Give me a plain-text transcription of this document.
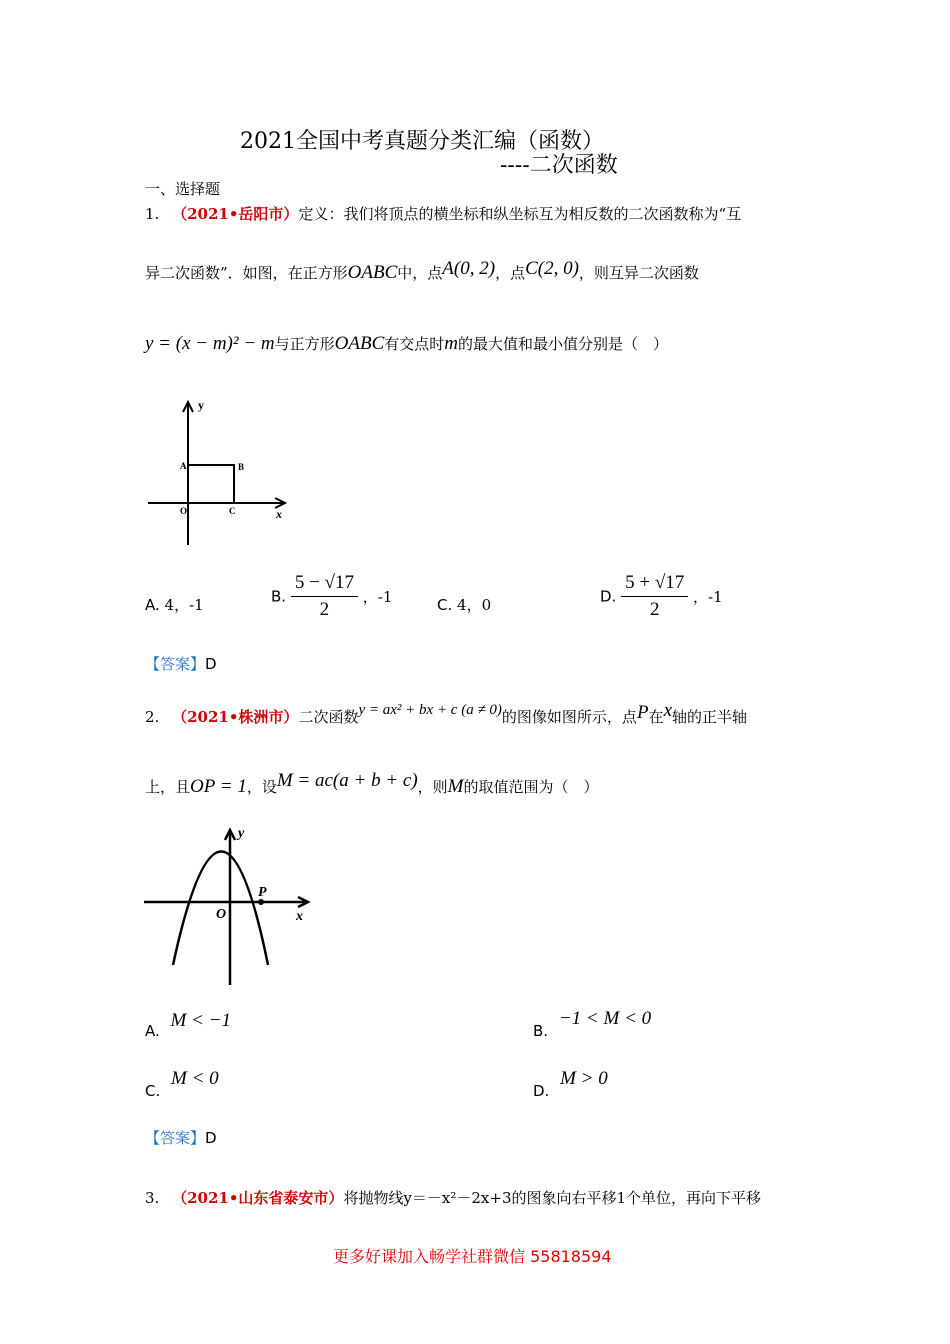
2021全国中考真题分类汇编（函数）
----二次函数
一、选择题
1. （2021•岳阳市）定义：我们将顶点的横坐标和纵坐标互为相反数的二次函数称为“互
异二次函数”．如图，在正方形OABC中，点A(0, 2)，点C(2, 0)，则互异二次函数
y = (x − m)² − m与正方形OABC有交点时m的最大值和最小值分别是（　）
y
x
A	B
O	C
A. 4，-1	B. $\frac{5 - √17}{2}$ ，-1	C. 4，0	D. $\frac{5 + √17}{2}$ ，-1
【答案】D
2. （2021•株洲市）二次函数y = ax² + bx + c (a ≠ 0)的图像如图所示，点P在x轴的正半轴
上，且OP = 1，设M = ac(a + b + c)，则M的取值范围为（　）
y
x
O
P
A. M < −1	B. −1 < M < 0
C. M < 0
D. M > 0
【答案】D
3. （2021•山东省泰安市）将抛物线y＝－x²－2x+3的图象向右平移1个单位，再向下平移
更多好课加入畅学社群微信 55818594
